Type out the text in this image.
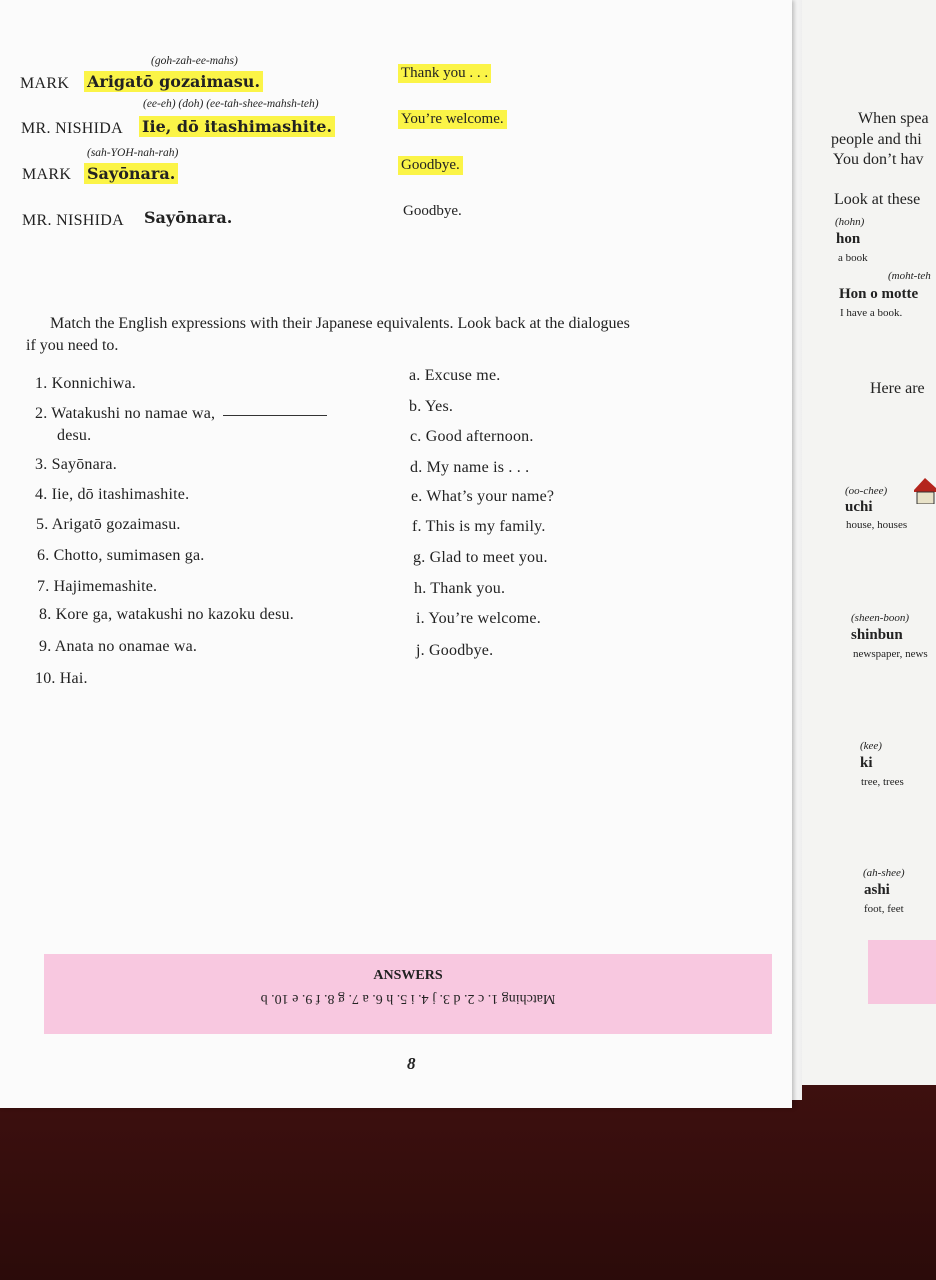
(goh-zah-ee-mahs)
MARK Arigatō gozaimasu.	Thank you . . .
(ee-eh) (doh) (ee-tah-shee-mahsh-teh)
MR. NISHIDA Iie, dō itashimashite.	You’re welcome.
(sah-YOH-nah-rah)
MARK Sayōnara.	Goodbye.
MR. NISHIDA Sayōnara.	Goodbye.
Match the English expressions with their Japanese equivalents. Look back at the dialogues
if you need to.
1. Konnichiwa.
2. Watakushi no namae wa,
desu.
3. Sayōnara.
4. Iie, dō itashimashite.
5. Arigatō gozaimasu.
6. Chotto, sumimasen ga.
7. Hajimemashite.
8. Kore ga, watakushi no kazoku desu.
9. Anata no onamae wa.
10. Hai.
a. Excuse me.
b. Yes.
c. Good afternoon.
d. My name is . . .
e. What’s your name?
f. This is my family.
g. Glad to meet you.
h. Thank you.
i. You’re welcome.
j. Goodbye.
ANSWERS
Matching 1. c 2. d 3. j 4. i 5. h 6. a 7. g 8. f 9. e 10. b
8
When spea
people and thi
You don’t hav
Look at these
(hohn)
hon
a book
(moht-teh
Hon o motte
I have a book.
Here are
(oo-chee)
uchi
house, houses
(sheen-boon)
shinbun
newspaper, news
(kee)
ki
tree, trees
(ah-shee)
ashi
foot, feet
